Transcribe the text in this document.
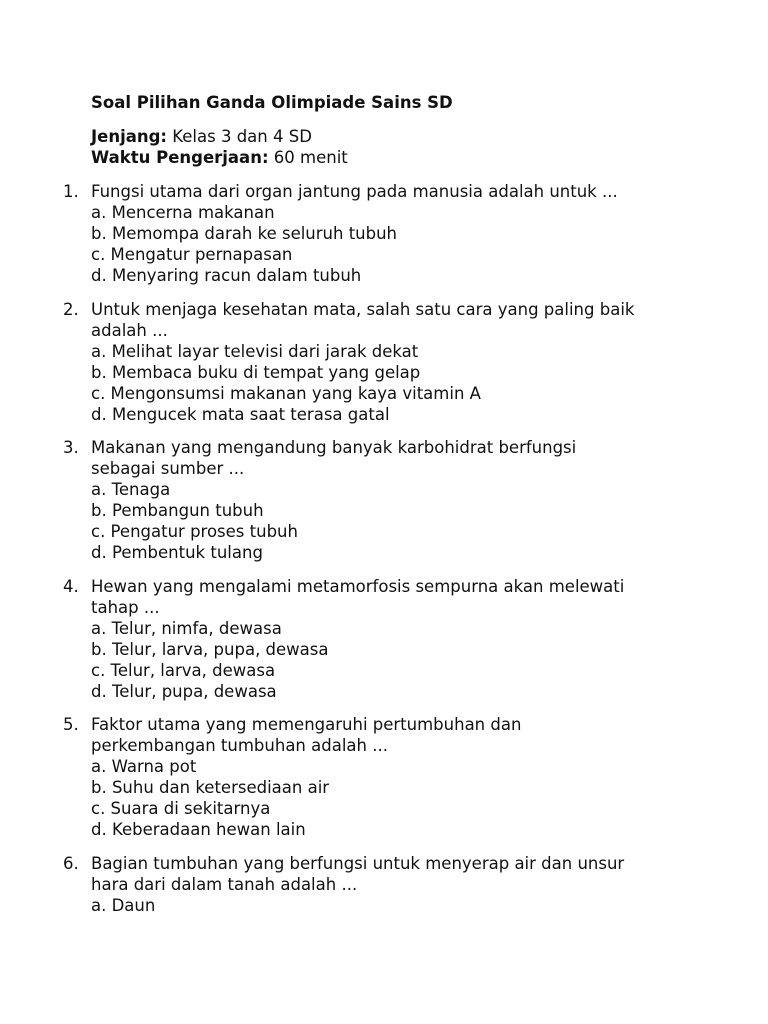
Soal Pilihan Ganda Olimpiade Sains SD
Jenjang: Kelas 3 dan 4 SD
Waktu Pengerjaan: 60 menit
1. Fungsi utama dari organ jantung pada manusia adalah untuk ...
a. Mencerna makanan
b. Memompa darah ke seluruh tubuh
c. Mengatur pernapasan
d. Menyaring racun dalam tubuh
2. Untuk menjaga kesehatan mata, salah satu cara yang paling baik
adalah ...
a. Melihat layar televisi dari jarak dekat
b. Membaca buku di tempat yang gelap
c. Mengonsumsi makanan yang kaya vitamin A
d. Mengucek mata saat terasa gatal
3. Makanan yang mengandung banyak karbohidrat berfungsi
sebagai sumber ...
a. Tenaga
b. Pembangun tubuh
c. Pengatur proses tubuh
d. Pembentuk tulang
4. Hewan yang mengalami metamorfosis sempurna akan melewati
tahap ...
a. Telur, nimfa, dewasa
b. Telur, larva, pupa, dewasa
c. Telur, larva, dewasa
d. Telur, pupa, dewasa
5. Faktor utama yang memengaruhi pertumbuhan dan
perkembangan tumbuhan adalah ...
a. Warna pot
b. Suhu dan ketersediaan air
c. Suara di sekitarnya
d. Keberadaan hewan lain
6. Bagian tumbuhan yang berfungsi untuk menyerap air dan unsur
hara dari dalam tanah adalah ...
a. Daun
